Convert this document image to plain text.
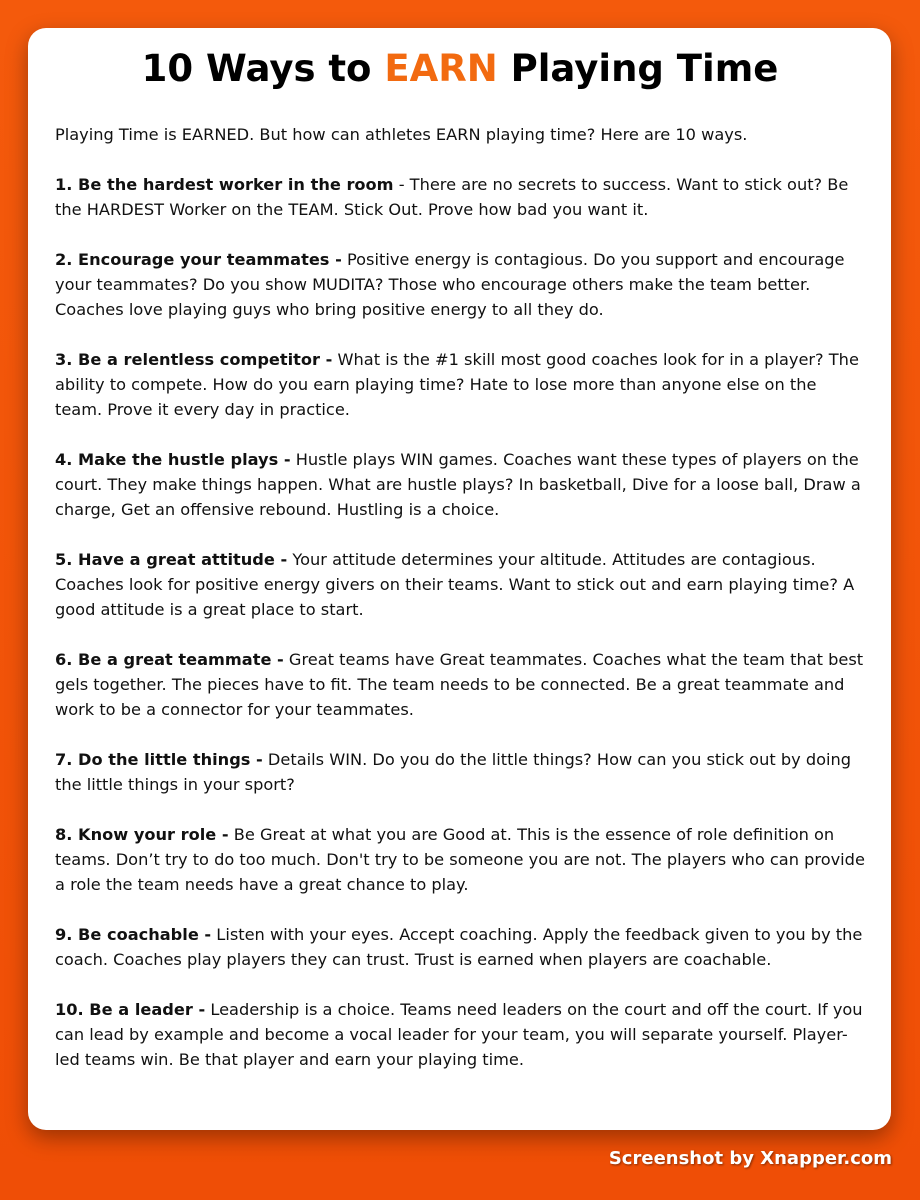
10 Ways to EARN Playing Time

Playing Time is EARNED. But how can athletes EARN playing time? Here are 10 ways.

1. Be the hardest worker in the room - There are no secrets to success. Want to stick out? Be the HARDEST Worker on the TEAM. Stick Out. Prove how bad you want it.

2. Encourage your teammates - Positive energy is contagious. Do you support and encourage your teammates? Do you show MUDITA? Those who encourage others make the team better. Coaches love playing guys who bring positive energy to all they do.

3. Be a relentless competitor - What is the #1 skill most good coaches look for in a player? The ability to compete. How do you earn playing time? Hate to lose more than anyone else on the team. Prove it every day in practice.

4. Make the hustle plays - Hustle plays WIN games. Coaches want these types of players on the court. They make things happen. What are hustle plays? In basketball, Dive for a loose ball, Draw a charge, Get an offensive rebound. Hustling is a choice.

5. Have a great attitude - Your attitude determines your altitude. Attitudes are contagious. Coaches look for positive energy givers on their teams. Want to stick out and earn playing time? A good attitude is a great place to start.

6. Be a great teammate - Great teams have Great teammates. Coaches what the team that best gels together. The pieces have to fit. The team needs to be connected. Be a great teammate and work to be a connector for your teammates.

7. Do the little things - Details WIN. Do you do the little things? How can you stick out by doing the little things in your sport?

8. Know your role - Be Great at what you are Good at. This is the essence of role definition on teams. Don’t try to do too much. Don't try to be someone you are not. The players who can provide a role the team needs have a great chance to play.

9. Be coachable - Listen with your eyes. Accept coaching. Apply the feedback given to you by the coach. Coaches play players they can trust. Trust is earned when players are coachable.

10. Be a leader - Leadership is a choice. Teams need leaders on the court and off the court. If you can lead by example and become a vocal leader for your team, you will separate yourself. Player-led teams win. Be that player and earn your playing time.

Screenshot by Xnapper.com
